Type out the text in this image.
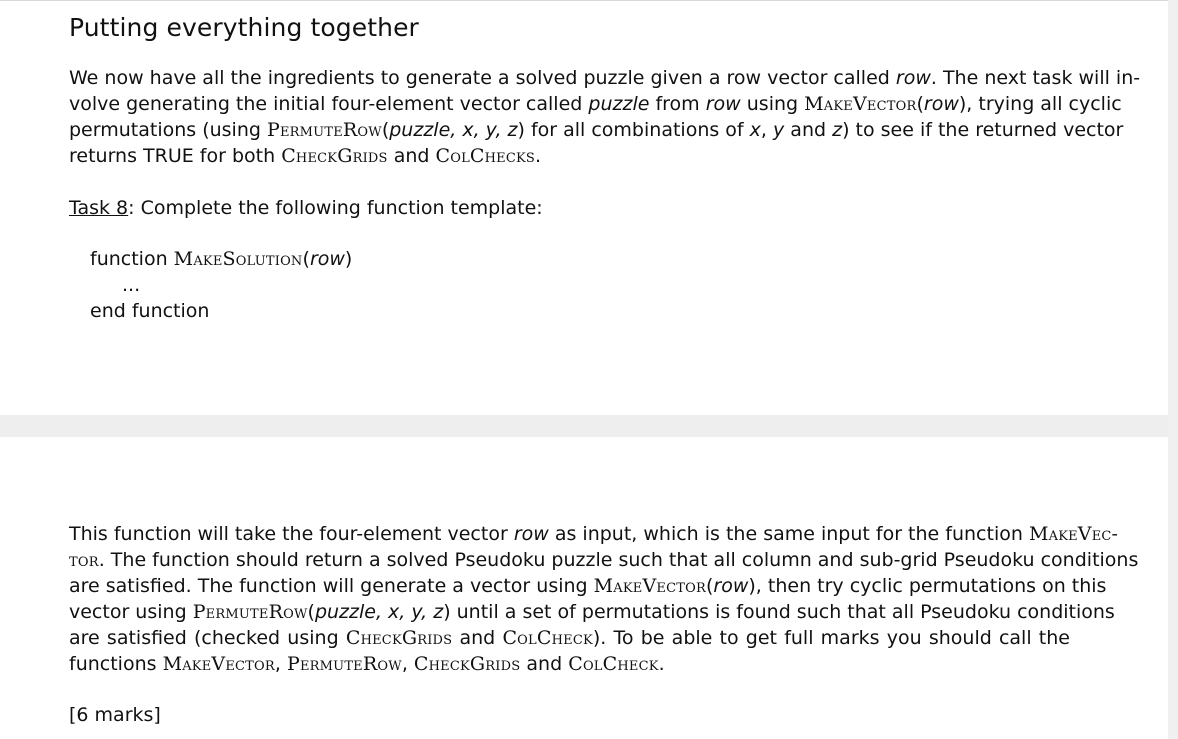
Putting everything together
We now have all the ingredients to generate a solved puzzle given a row vector called row. The next task will in-
volve generating the initial four-element vector called puzzle from row using MakeVector(row), trying all cyclic
permutations (using PermuteRow(puzzle, x, y, z) for all combinations of x, y and z) to see if the returned vector
returns TRUE for both CheckGrids and ColChecks.
Task 8: Complete the following function template:
function MakeSolution(row)
...
end function
This function will take the four-element vector row as input, which is the same input for the function MakeVec-
tor. The function should return a solved Pseudoku puzzle such that all column and sub-grid Pseudoku conditions
are satisfied. The function will generate a vector using MakeVector(row), then try cyclic permutations on this
vector using PermuteRow(puzzle, x, y, z) until a set of permutations is found such that all Pseudoku conditions
are satisfied (checked using CheckGrids and ColCheck). To be able to get full marks you should call the
functions MakeVector, PermuteRow, CheckGrids and ColCheck.

[6 marks]
